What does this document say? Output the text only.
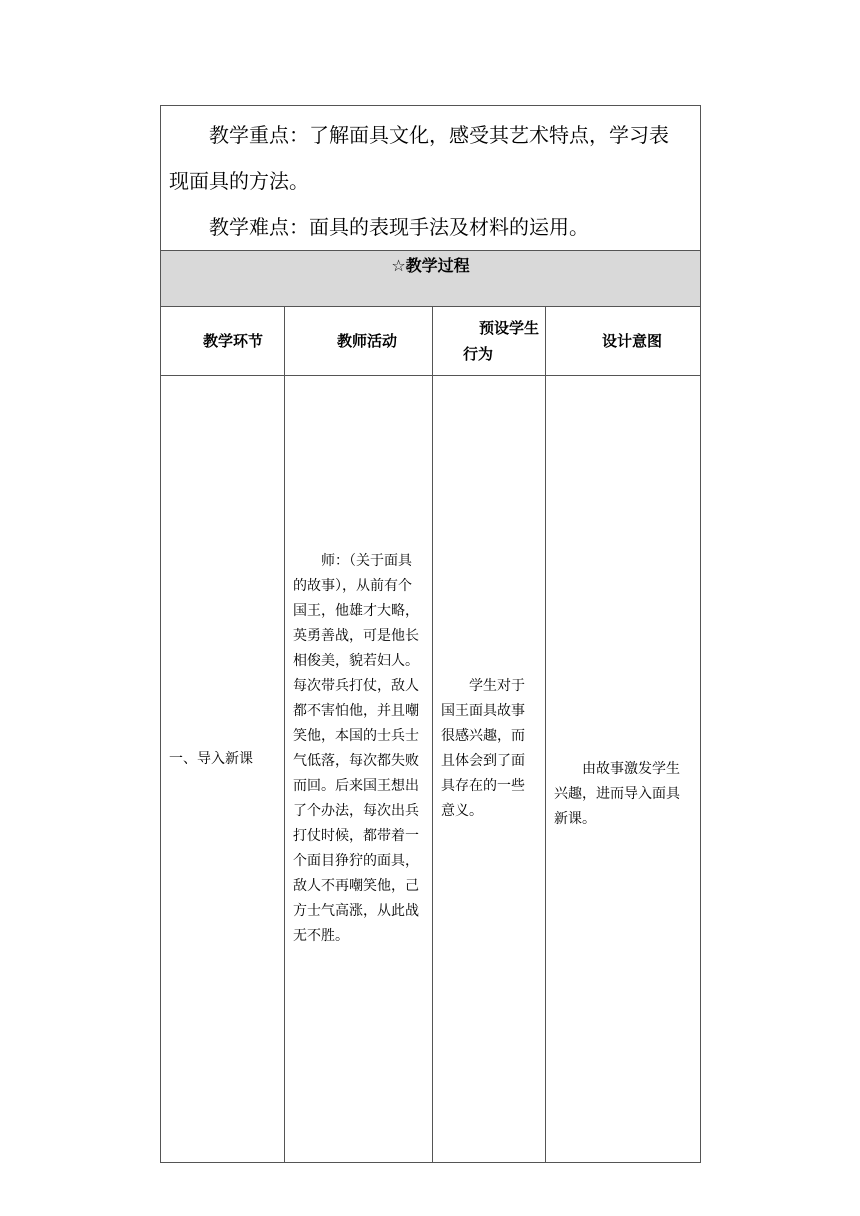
教学重点：了解面具文化，感受其艺术特点，学习表现面具的方法。

教学难点：面具的表现手法及材料的运用。			

☆教学过程			

教学环节	教师活动	预设学生行为	设计意图

一、导入新课	师：（关于面具的故事），从前有个国王，他雄才大略，英勇善战，可是他长相俊美，貌若妇人。每次带兵打仗，敌人都不害怕他，并且嘲笑他，本国的士兵士气低落，每次都失败而回。后来国王想出了个办法，每次出兵打仗时候，都带着一个面目狰狞的面具，敌人不再嘲笑他，己方士气高涨，从此战无不胜。	学生对于国王面具故事很感兴趣，而且体会到了面具存在的一些意义。	由故事激发学生兴趣，进而导入面具新课。
